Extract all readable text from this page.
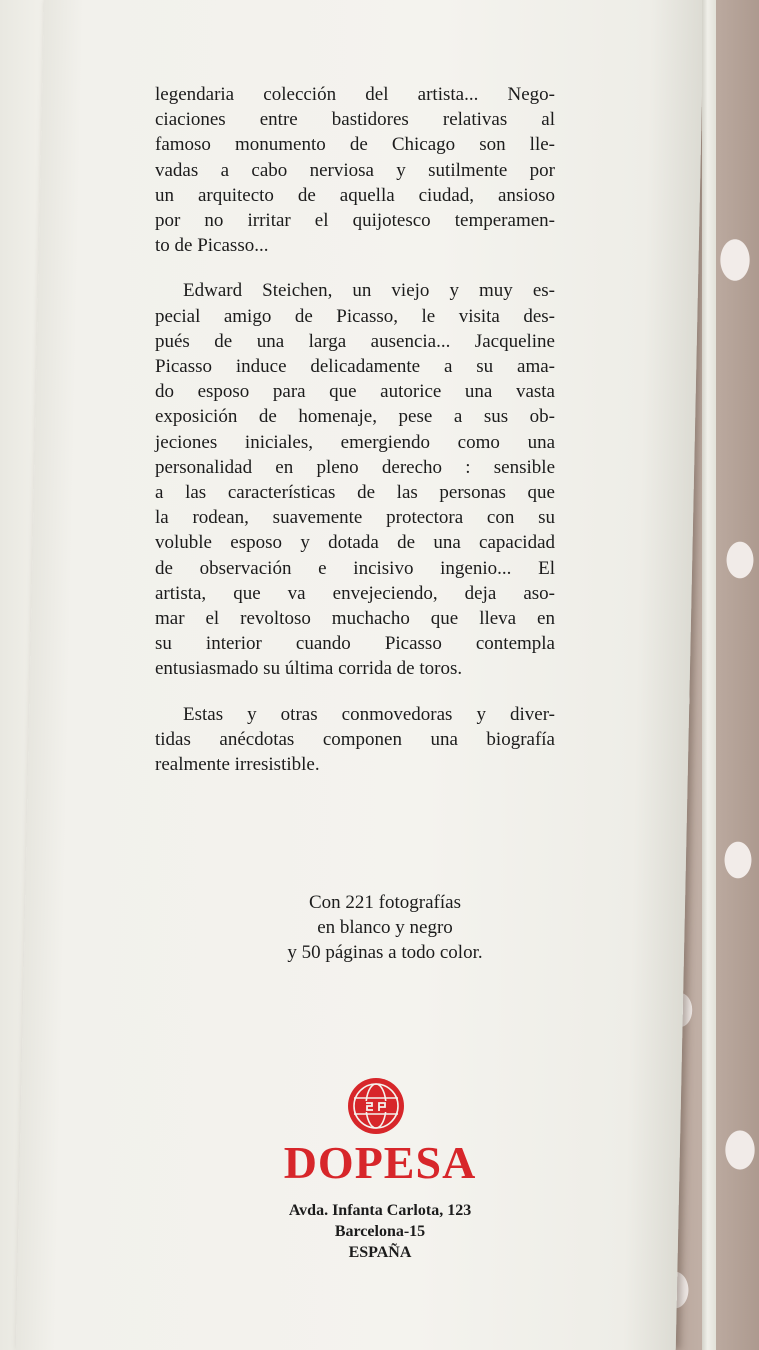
legendaria colección del artista... Nego-
ciaciones entre bastidores relativas al
famoso monumento de Chicago son lle-
vadas a cabo nerviosa y sutilmente por
un arquitecto de aquella ciudad, ansioso
por no irritar el quijotesco temperamen-
to de Picasso...

Edward Steichen, un viejo y muy es-
pecial amigo de Picasso, le visita des-
pués de una larga ausencia... Jacqueline
Picasso induce delicadamente a su ama-
do esposo para que autorice una vasta
exposición de homenaje, pese a sus ob-
jeciones iniciales, emergiendo como una
personalidad en pleno derecho : sensible
a las características de las personas que
la rodean, suavemente protectora con su
voluble esposo y dotada de una capacidad
de observación e incisivo ingenio... El
artista, que va envejeciendo, deja aso-
mar el revoltoso muchacho que lleva en
su interior cuando Picasso contempla
entusiasmado su última corrida de toros.

Estas y otras conmovedoras y diver-
tidas anécdotas componen una biografía
realmente irresistible.

Con 221 fotografías
en blanco y negro
y 50 páginas a todo color.
DOPESA
Avda. Infanta Carlota, 123
Barcelona-15
ESPAÑA
